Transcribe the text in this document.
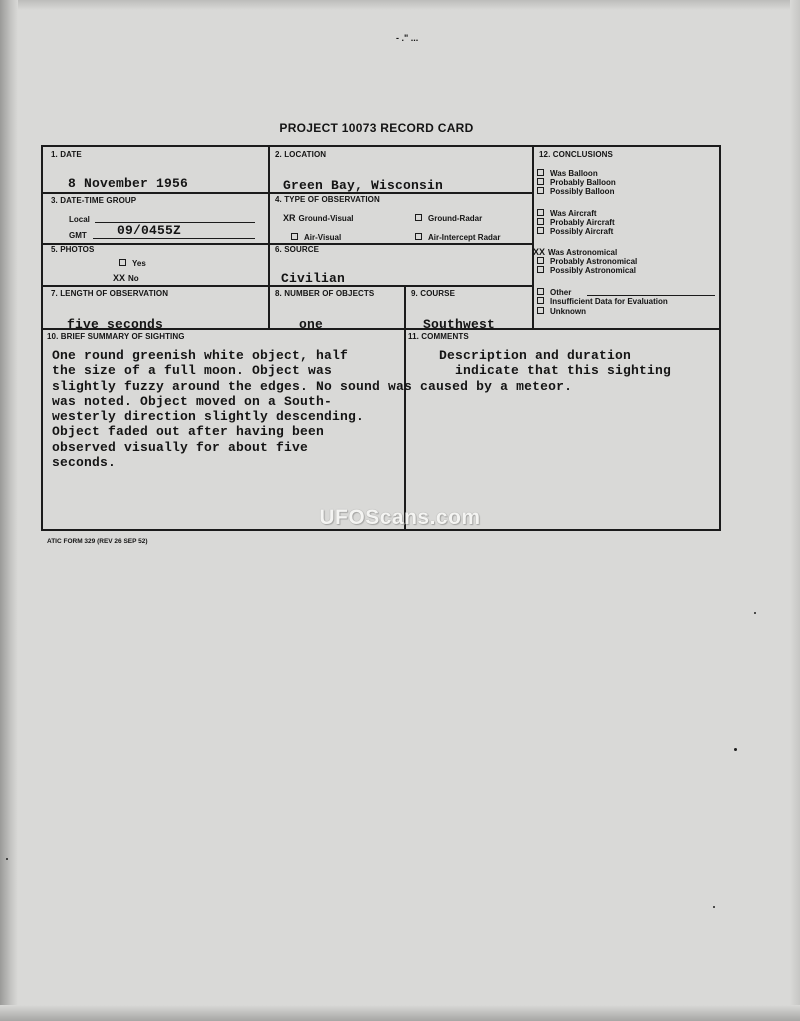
- ." ...
PROJECT 10073 RECORD CARD
1. DATE
8 November 1956
2. LOCATION
Green Bay, Wisconsin
3. DATE-TIME GROUP
Local
GMT 09/0455Z
4. TYPE OF OBSERVATION
XR Ground-Visual	Ground-Radar
Air-Visual	Air-Intercept Radar
5. PHOTOS
Yes
XX No
6. SOURCE
Civilian
7. LENGTH OF OBSERVATION
five seconds
8. NUMBER OF OBJECTS
one
9. COURSE
Southwest
10. BRIEF SUMMARY OF SIGHTING
One round greenish white object, half
the size of a full moon. Object was
slightly fuzzy around the edges. No sound was caused by a meteor.
was noted. Object moved on a South-
westerly direction slightly descending.
Object faded out after having been
observed visually for about five
seconds.
11. COMMENTS
Description and duration
indicate that this sighting
12. CONCLUSIONS
Was Balloon
Probably Balloon
Possibly Balloon
Was Aircraft
Probably Aircraft
Possibly Aircraft
XX Was Astronomical
Probably Astronomical
Possibly Astronomical
Other
Insufficient Data for Evaluation
Unknown
UFOScans.com
ATIC FORM 329 (REV 26 SEP 52)
